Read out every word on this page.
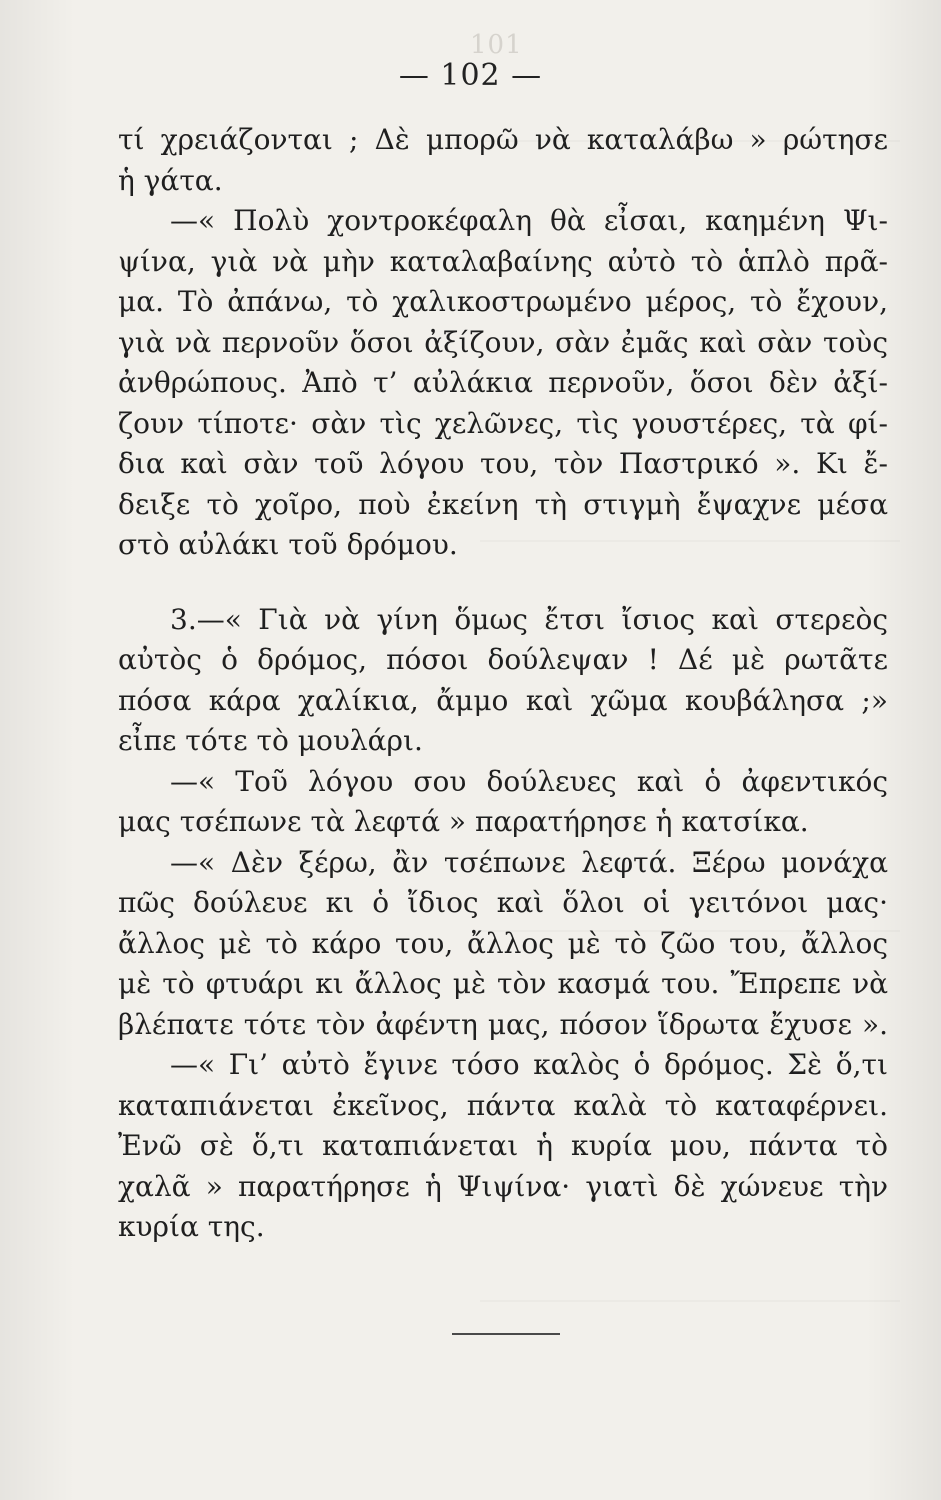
101
— 102 —
τί χρειάζονται ; Δὲ μπορῶ νὰ καταλάβω » ρώτησε
ἡ γάτα.
—« Πολὺ χοντροκέφαλη θὰ εἶσαι, καημένη Ψι-
ψίνα, γιὰ νὰ μὴν καταλαβαίνης αὐτὸ τὸ ἁπλὸ πρᾶ-
μα. Τὸ ἀπάνω, τὸ χαλικοστρωμένο μέρος, τὸ ἔχουν,
γιὰ νὰ περνοῦν ὅσοι ἀξίζουν, σὰν ἐμᾶς καὶ σὰν τοὺς
ἀνθρώπους. Ἀπὸ τ’ αὐλάκια περνοῦν, ὅσοι δὲν ἀξί-
ζουν τίποτε· σὰν τὶς χελῶνες, τὶς γουστέρες, τὰ φί-
δια καὶ σὰν τοῦ λόγου του, τὸν Παστρικό ». Κι ἔ-
δειξε τὸ χοῖρο, ποὺ ἐκείνη τὴ στιγμὴ ἔψαχνε μέσα
στὸ αὐλάκι τοῦ δρόμου.
3.—« Γιὰ νὰ γίνη ὅμως ἔτσι ἴσιος καὶ στερεὸς
αὐτὸς ὁ δρόμος, πόσοι δούλεψαν ! Δέ μὲ ρωτᾶτε
πόσα κάρα χαλίκια, ἄμμο καὶ χῶμα κουβάλησα ;»
εἶπε τότε τὸ μουλάρι.
—« Τοῦ λόγου σου δούλευες καὶ ὁ ἀφεντικός
μας τσέπωνε τὰ λεφτά » παρατήρησε ἡ κατσίκα.
—« Δὲν ξέρω, ἂν τσέπωνε λεφτά. Ξέρω μονάχα
πῶς δούλευε κι ὁ ἴδιος καὶ ὅλοι οἱ γειτόνοι μας·
ἄλλος μὲ τὸ κάρο του, ἄλλος μὲ τὸ ζῶο του, ἄλλος
μὲ τὸ φτυάρι κι ἄλλος μὲ τὸν κασμά του. Ἔπρεπε νὰ
βλέπατε τότε τὸν ἀφέντη μας, πόσον ἵδρωτα ἔχυσε ».
—« Γι’ αὐτὸ ἔγινε τόσο καλὸς ὁ δρόμος. Σὲ ὅ,τι
καταπιάνεται ἐκεῖνος, πάντα καλὰ τὸ καταφέρνει.
Ἐνῶ σὲ ὅ,τι καταπιάνεται ἡ κυρία μου, πάντα τὸ
χαλᾶ » παρατήρησε ἡ Ψιψίνα· γιατὶ δὲ χώνευε τὴν
κυρία της.
